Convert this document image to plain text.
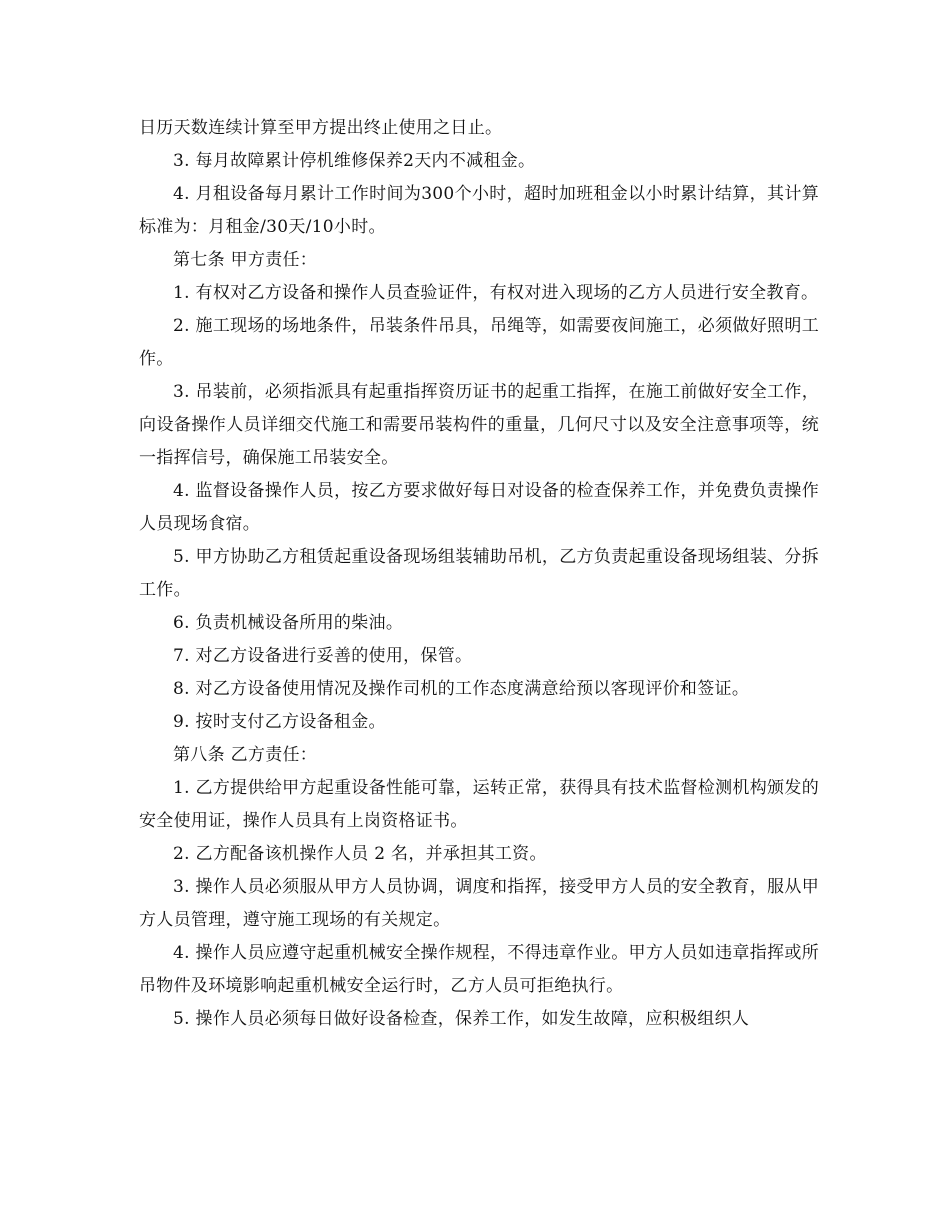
日历天数连续计算至甲方提出终止使用之日止。

3. 每月故障累计停机维修保养2天内不减租金。

4. 月租设备每月累计工作时间为300个小时，超时加班租金以小时累计结算，其计算标准为：月租金/30天/10小时。

第七条 甲方责任：

1. 有权对乙方设备和操作人员查验证件，有权对进入现场的乙方人员进行安全教育。

2. 施工现场的场地条件，吊装条件吊具，吊绳等，如需要夜间施工，必须做好照明工作。

3. 吊装前，必须指派具有起重指挥资历证书的起重工指挥，在施工前做好安全工作，向设备操作人员详细交代施工和需要吊装构件的重量，几何尺寸以及安全注意事项等，统一指挥信号，确保施工吊装安全。

4. 监督设备操作人员，按乙方要求做好每日对设备的检查保养工作，并免费负责操作人员现场食宿。

5. 甲方协助乙方租赁起重设备现场组装辅助吊机，乙方负责起重设备现场组装、分拆工作。

6. 负责机械设备所用的柴油。

7. 对乙方设备进行妥善的使用，保管。

8. 对乙方设备使用情况及操作司机的工作态度满意给预以客现评价和签证。

9. 按时支付乙方设备租金。

第八条 乙方责任：

1. 乙方提供给甲方起重设备性能可靠，运转正常，获得具有技术监督检测机构颁发的安全使用证，操作人员具有上岗资格证书。

2. 乙方配备该机操作人员 2 名，并承担其工资。

3. 操作人员必须服从甲方人员协调，调度和指挥，接受甲方人员的安全教育，服从甲方人员管理，遵守施工现场的有关规定。

4. 操作人员应遵守起重机械安全操作规程，不得违章作业。甲方人员如违章指挥或所吊物件及环境影响起重机械安全运行时，乙方人员可拒绝执行。

5. 操作人员必须每日做好设备检查，保养工作，如发生故障，应积极组织人
